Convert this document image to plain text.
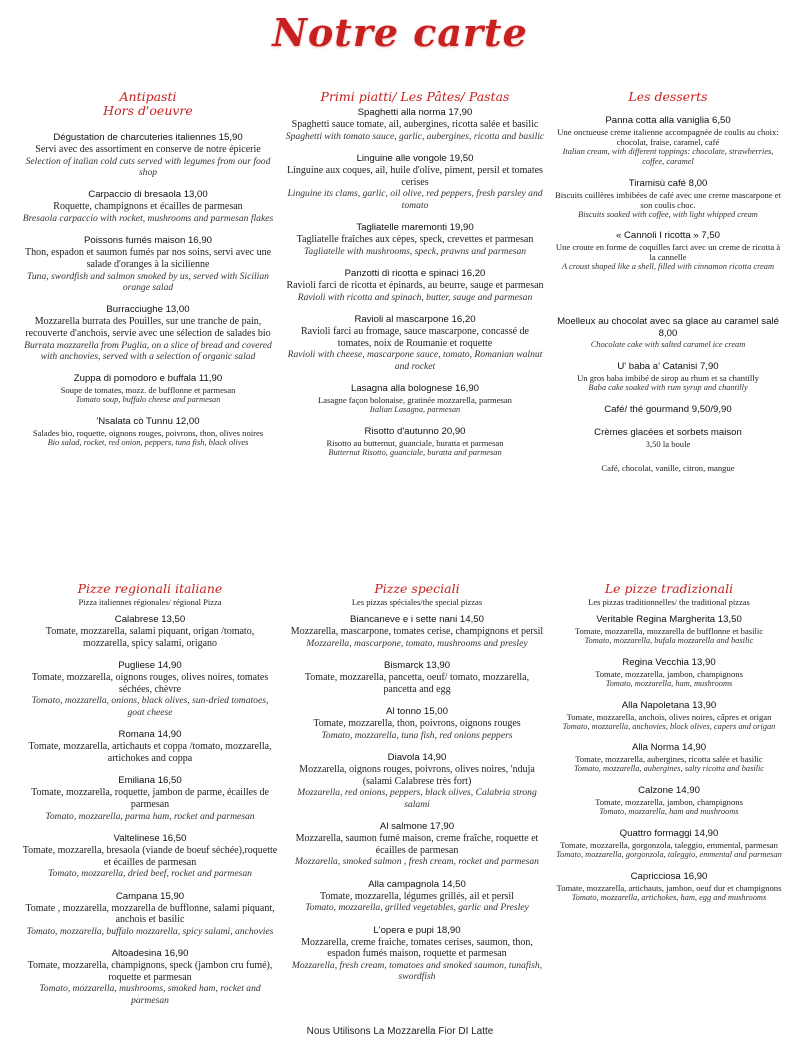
Notre carte
Antipasti
Hors d'oeuvre
Dégustation de charcuteries italiennes 15,90
Servi avec des assortiment en conserve de notre épicerie
Selection of italian cold cuts served with legumes from our food shop
Carpaccio di bresaola 13,00
Roquette, champignons et écailles de parmesan
Bresaola carpaccio with rocket, mushrooms and parmesan flakes
Poissons fumés maison 16,90
Thon, espadon et saumon fumés par nos soins, servi avec une salade d'oranges à la sicilienne
Tuna, swordfish and salmon smoked by us, served with Sicilian orange salad
Burracciughe 13,00
Mozzarella burrata des Pouilles, sur une tranche de pain, recouverte d'anchois, servie avec une sélection de salades bio
Burrata mozzarella from Puglia, on a slice of bread and covered with anchovies, served with a selection of organic salad
Zuppa di pomodoro e buffala 11,90
Soupe de tomates, mozz. de bufflonne et parmesan
Tomato soup, buffalo cheese and parmesan
'Nsalata cò Tunnu 12,00
Salades bio, roquette, oignons rouges, poivrons, thon, olives noires
Bio salad, rocket, red onion, peppers, tuna fish, black olives
Primi piatti/ Les Pâtes/ Pastas
Spaghetti alla norma 17,90
Spaghetti sauce tomate, ail, aubergines, ricotta salée et basilic
Spaghetti with tomato saucе, garlic, aubergines, ricotta and basilic
Linguine alle vongole 19,50
Linguine aux coques, ail, huile d'olive, piment, persil et tomates cerises
Linguine its clams, garlic, oil olive, red peppers, fresh parsley and tomato
Tagliatelle maremonti 19,90
Tagliatelle fraîches aux cèpes, speck, crevettes et parmesan
Tagliatelle with mushrooms, speck, prawns and parmesan
Panzotti di ricotta e spinaci 16,20
Ravioli farci de ricotta et épinards, au beurre, sauge et parmesan
Ravioli with ricotta and spinach, butter, sauge and parmesan
Ravioli al mascarpone 16,20
Ravioli farci au fromage, sauce mascarpone, concassé de tomates, noix de Roumanie et roquette
Ravioli with cheese, mascarpone sauce, tomato, Romanian walnut and rocket
Lasagna alla bolognese 16,90
Lasagne façon bolonaise, gratinée mozzarella, parmesan
Italian Lasagna, parmesan
Risotto d'autunno 20,90
Risotto au butternut, guanciale, buratta et parmesan
Butternut Risotto, guanciale, buratta and parmesan
Les desserts
Panna cotta alla vaniglia 6,50
Une onctueuse creme italienne accompagnée de coulis au choix: chocolat, fraise, caramel, café
Italian cream, with different toppings: chocolate, strawberries, coffee, caramel
Tiramisù café 8,00
Biscuits cuillères imbibées de café avec une creme mascarpone et son coulis choc.
Biscuits soaked with coffee, with light whipped cream
« Cannoli I ricotta » 7,50
Une croute en forme de coquilles farci avec un creme de ricotta à la cannelle
A croust shaped like a shell, filled with cinnamon ricotta cream
Moelleux au chocolat avec sa glace au caramel salé 8,00
Chocolate cake with salted caramel ice cream
U' baba a' Catanisi 7,90
Un gros baba imbibé de sirop au rhum et sa chantilly
Baba cake soaked with rum syrup and chantilly
Café/ thé gourmand 9,50/9,90
Crèmes glacées et sorbets maison
3,50 la boule
Café, chocolat, vanille, citron, mangue
Pizze regionali italiane
Pizza italiennes régionales/ régional Pizza
Calabrese 13,50
Tomate, mozzarella, salami piquant, origan /tomato, mozzarella, spicy salami, origano
Pugliese 14,90
Tomate, mozzarella, oignons rouges, olives noires, tomates séchées, chèvre
Tomato, mozzarella, onions, black olives, sun-dried tomatoes, goat cheese
Romana 14,90
Tomate, mozzarella, artichauts et coppa /tomato, mozzarella, artichokes and coppa
Emiliana 16,50
Tomate, mozzarella, roquette, jambon de parme, écailles de parmesan
Tomato, mozzarella, parma ham, rocket and parmesan
Valtelinese 16,50
Tomate, mozzarella, bresaola (viande de boeuf séchée),roquette et écailles de parmesan
Tomato, mozzarella, dried beef, rocket and parmesan
Campana 15,90
Tomate , mozzarella, mozzarella de bufflonne, salami piquant, anchois et basilic
Tomato, mozzarella, buffalo mozzarella, spicy salami, anchovies
Altoadesina 16,90
Tomate, mozzarella, champignons, speck (jambon cru fumé), roquette et parmesan
Tomato, mozzarella, mushrooms, smoked ham, rocket and parmesan
Pizze speciali
Les pizzas spéciales/the special pizzas
Biancaneve e i sette nani 14,50
Mozzarella, mascarpone, tomates cerise, champignons et persil
Mozzarella, mascarpone, tomato, mushrooms and presley
Bismarck 13,90
Tomate, mozzarella, pancetta, oeuf/ tomato, mozzarella, pancetta and egg
Al tonno 15,00
Tomate, mozzarella, thon, poivrons, oignons rouges
Tomato, mozzarella, tuna fish, red onions peppers
Diavola 14,90
Mozzarella, oignons rouges, poivrons, olives noires, 'nduja (salami Calabrese très fort)
Mozzarella, red onions, peppers, black olives, Calabria strong salami
Al salmone 17,90
Mozzarella, saumon fumé maison, creme fraîche, roquette et écailles de parmesan
Mozzarella, smoked salmon , fresh cream, rocket and parmesan
Alla campagnola 14,50
Tomate, mozzarella, légumes grillés, ail et persil
Tomato, mozzarella, grilled vegetables, garlic and Presley
L'opera e pupi 18,90
Mozzarella, creme fraiche, tomates cerises, saumon, thon, espadon fumés maison, roquette et parmesan
Mozzarella, fresh cream, tomatoes and smoked saumon, tunafish, swordfish
Le pizze tradizionali
Les pizzas traditionnelles/ the traditional pizzas
Veritable Regina Margherita 13,50
Tomate, mozzarella, mozzarella de bufflonne et basilic
Tomato, mozzarella, bufala mozzarella and basilic
Regina Vecchia 13,90
Tomate, mozzarella, jambon, champignons
Tomato, mozzarella, ham, mushrooms
Alla Napoletana 13,90
Tomate, mozzarella, anchois, olives noires, câpres et origan
Tomato, mozzarella, anchovies, block olives, capers and origan
Alla Norma 14,90
Tomate, mozzarella, aubergines, ricotta salée et basilic
Tomato, mozzarella, aubergines, salty ricotta and basilic
Calzone 14,90
Tomate, mozzarella, jambon, champignons
Tomato, mozzarella, ham and mushrooms
Quattro formaggi 14,90
Tomate, mozzarella, gorgonzola, taleggio, emmental, parmesan
Tomato, mozzarella, gorgonzola, taleggio, emmental and parmesan
Capricciosa 16,90
Tomate, mozzarella, artichauts, jambon, oeuf dur et champignons
Tomato, mozzarella, artichokes, ham, egg and mushrooms
Nous Utilisons La Mozzarella Fior DI Latte
